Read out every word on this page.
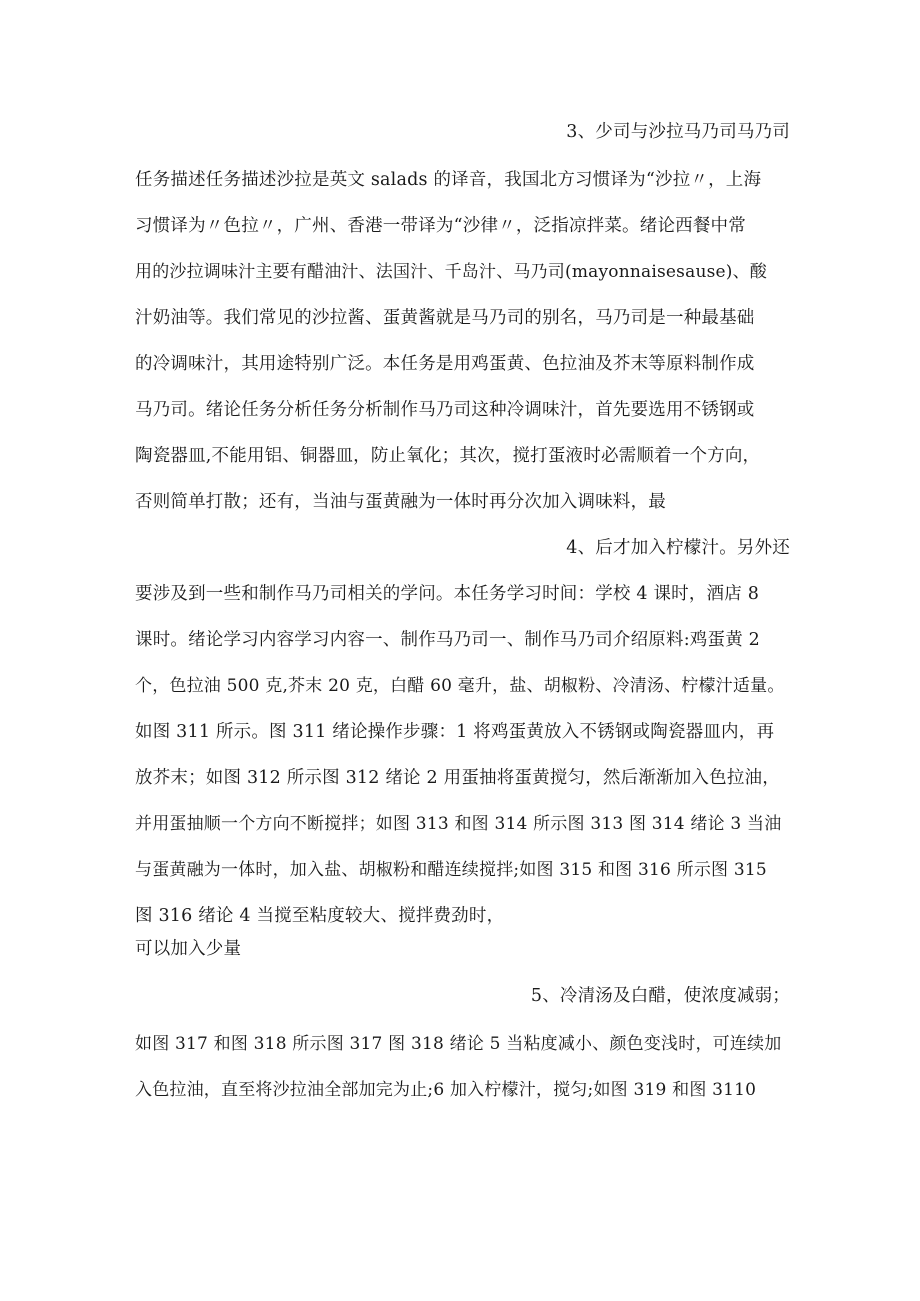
3、少司与沙拉马乃司马乃司
任务描述任务描述沙拉是英文 salads 的译音，我国北方习惯译为“沙拉〃，上海
习惯译为〃色拉〃，广州、香港一带译为“沙律〃，泛指凉拌菜。绪论西餐中常
用的沙拉调味汁主要有醋油汁、法国汁、千岛汁、马乃司(mayonnaisesause)、酸
汁奶油等。我们常见的沙拉酱、蛋黄酱就是马乃司的别名，马乃司是一种最基础
的冷调味汁，其用途特别广泛。本任务是用鸡蛋黄、色拉油及芥末等原料制作成
马乃司。绪论任务分析任务分析制作马乃司这种冷调味汁，首先要选用不锈钢或
陶瓷器皿,不能用铝、铜器皿，防止氧化；其次，搅打蛋液时必需顺着一个方向，
否则简单打散；还有，当油与蛋黄融为一体时再分次加入调味料，最
4、后才加入柠檬汁。另外还
要涉及到一些和制作马乃司相关的学问。本任务学习时间：学校 4 课时，酒店 8
课时。绪论学习内容学习内容一、制作马乃司一、制作马乃司介绍原料:鸡蛋黄 2
个，色拉油 500 克,芥末 20 克，白醋 60 毫升，盐、胡椒粉、冷清汤、柠檬汁适量。
如图 311 所示。图 311 绪论操作步骤：1 将鸡蛋黄放入不锈钢或陶瓷器皿内，再
放芥末；如图 312 所示图 312 绪论 2 用蛋抽将蛋黄搅匀，然后渐渐加入色拉油，
并用蛋抽顺一个方向不断搅拌；如图 313 和图 314 所示图 313 图 314 绪论 3 当油
与蛋黄融为一体时，加入盐、胡椒粉和醋连续搅拌;如图 315 和图 316 所示图 315
图 316 绪论 4 当搅至粘度较大、搅拌费劲时，
可以加入少量
5、冷清汤及白醋，使浓度减弱；
如图 317 和图 318 所示图 317 图 318 绪论 5 当粘度减小、颜色变浅时，可连续加
入色拉油，直至将沙拉油全部加完为止;6 加入柠檬汁，搅匀;如图 319 和图 3110
